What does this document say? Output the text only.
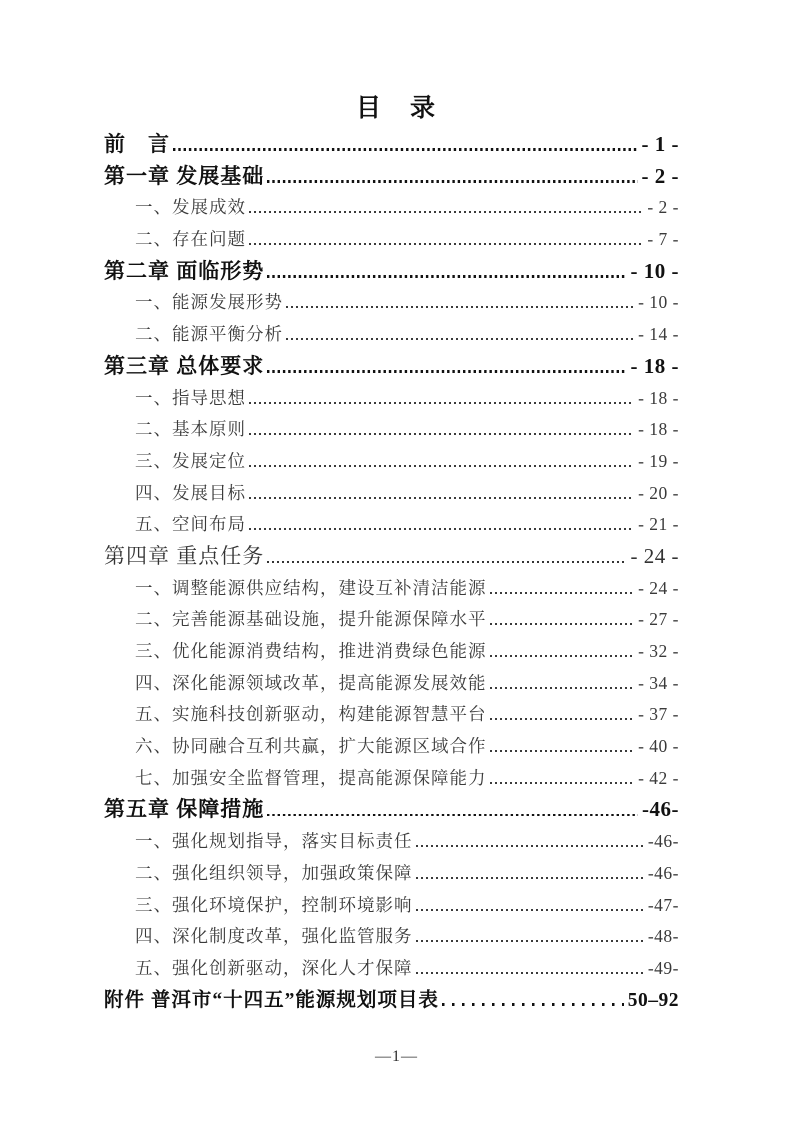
目　录
前　言	- 1 -
第一章 发展基础	- 2 -
一、发展成效	- 2 -
二、存在问题	- 7 -
第二章 面临形势	- 10 -
一、能源发展形势	- 10 -
二、能源平衡分析	- 14 -
第三章 总体要求	- 18 -
一、指导思想	- 18 -
二、基本原则	- 18 -
三、发展定位	- 19 -
四、发展目标	- 20 -
五、空间布局	- 21 -
第四章 重点任务	- 24 -
一、调整能源供应结构，建设互补清洁能源	- 24 -
二、完善能源基础设施，提升能源保障水平	- 27 -
三、优化能源消费结构，推进消费绿色能源	- 32 -
四、深化能源领域改革，提高能源发展效能	- 34 -
五、实施科技创新驱动，构建能源智慧平台	- 37 -
六、协同融合互利共赢，扩大能源区域合作	- 40 -
七、加强安全监督管理，提高能源保障能力	- 42 -
第五章 保障措施	-46-
一、强化规划指导，落实目标责任	-46-
二、强化组织领导，加强政策保障	-46-
三、强化环境保护，控制环境影响	-47-
四、深化制度改革，强化监管服务	-48-
五、强化创新驱动，深化人才保障	-49-
附件 普洱市“十四五”能源规划项目表	50–92
—1—
